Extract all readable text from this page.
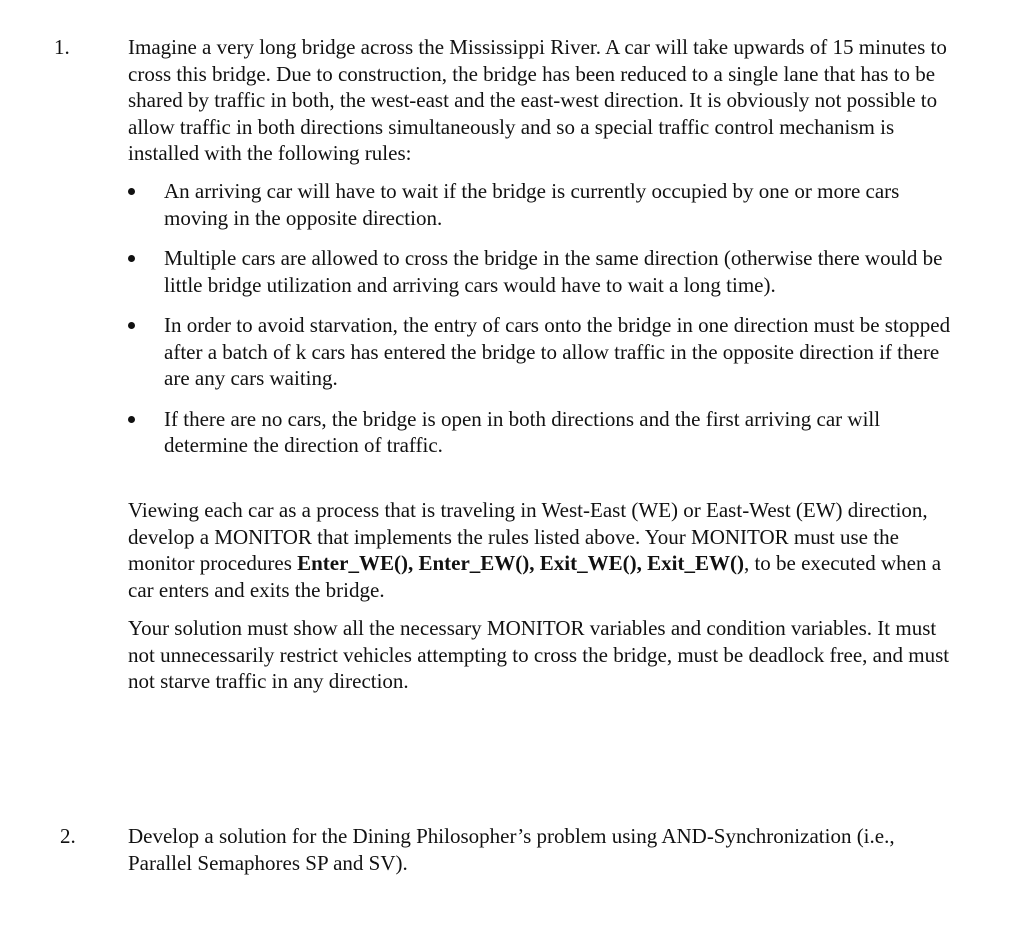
1.	Imagine a very long bridge across the Mississippi River. A car will take upwards of 15 minutes to cross this bridge. Due to construction, the bridge has been reduced to a single lane that has to be shared by traffic in both, the west-east and the east-west direction. It is obviously not possible to allow traffic in both directions simultaneously and so a special traffic control mechanism is installed with the following rules:

An arriving car will have to wait if the bridge is currently occupied by one or more cars moving in the opposite direction.
Multiple cars are allowed to cross the bridge in the same direction (otherwise there would be little bridge utilization and arriving cars would have to wait a long time).
In order to avoid starvation, the entry of cars onto the bridge in one direction must be stopped after a batch of k cars has entered the bridge to allow traffic in the opposite direction if there are any cars waiting.
If there are no cars, the bridge is open in both directions and the first arriving car will determine the direction of traffic.

Viewing each car as a process that is traveling in West-East (WE) or East-West (EW) direction, develop a MONITOR that implements the rules listed above. Your MONITOR must use the monitor procedures Enter_WE(), Enter_EW(), Exit_WE(), Exit_EW(), to be executed when a car enters and exits the bridge.

Your solution must show all the necessary MONITOR variables and condition variables. It must not unnecessarily restrict vehicles attempting to cross the bridge, must be deadlock free, and must not starve traffic in any direction.

2. Develop a solution for the Dining Philosopher’s problem using AND-Synchronization (i.e., Parallel Semaphores SP and SV).
